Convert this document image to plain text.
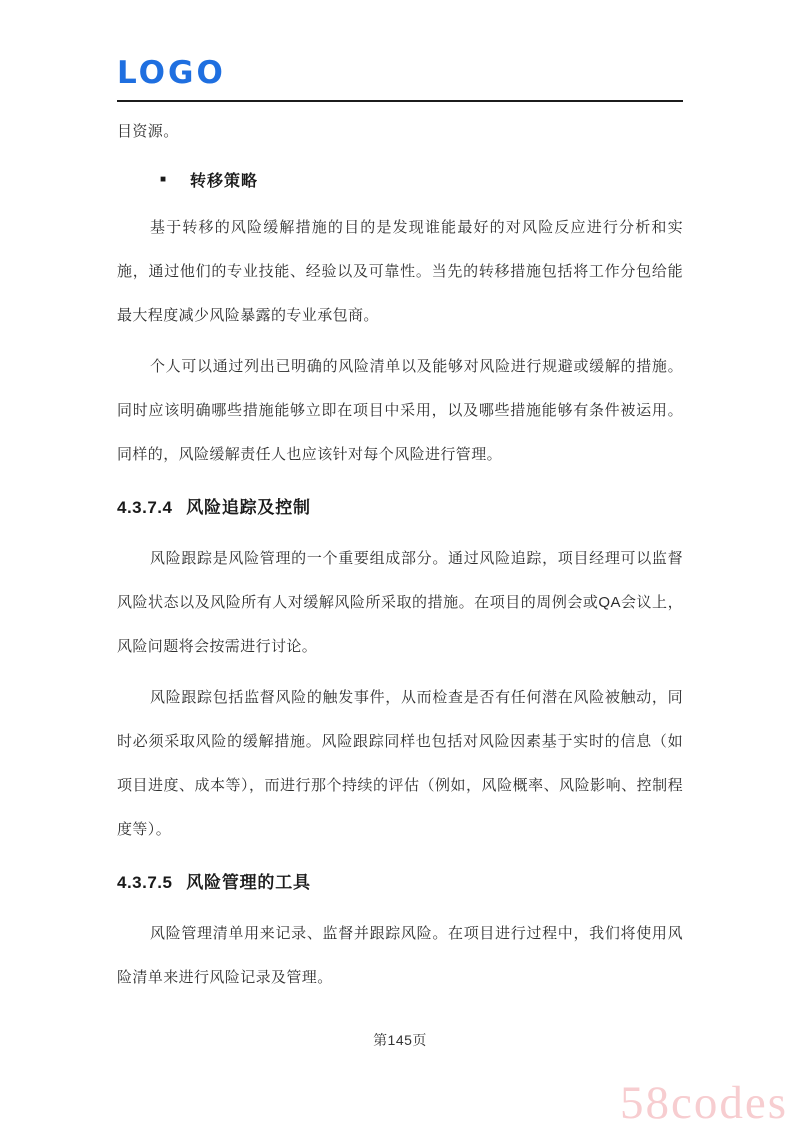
LOGO

目资源。

■ 转移策略

基于转移的风险缓解措施的目的是发现谁能最好的对风险反应进行分析和实施，通过他们的专业技能、经验以及可靠性。当先的转移措施包括将工作分包给能最大程度减少风险暴露的专业承包商。

个人可以通过列出已明确的风险清单以及能够对风险进行规避或缓解的措施。同时应该明确哪些措施能够立即在项目中采用，以及哪些措施能够有条件被运用。同样的，风险缓解责任人也应该针对每个风险进行管理。

4.3.7.4 风险追踪及控制

风险跟踪是风险管理的一个重要组成部分。通过风险追踪，项目经理可以监督风险状态以及风险所有人对缓解风险所采取的措施。在项目的周例会或QA会议上，风险问题将会按需进行讨论。

风险跟踪包括监督风险的触发事件，从而检查是否有任何潜在风险被触动，同时必须采取风险的缓解措施。风险跟踪同样也包括对风险因素基于实时的信息（如项目进度、成本等），而进行那个持续的评估（例如，风险概率、风险影响、控制程度等）。

4.3.7.5 风险管理的工具

风险管理清单用来记录、监督并跟踪风险。在项目进行过程中，我们将使用风险清单来进行风险记录及管理。

第145页
58codes
